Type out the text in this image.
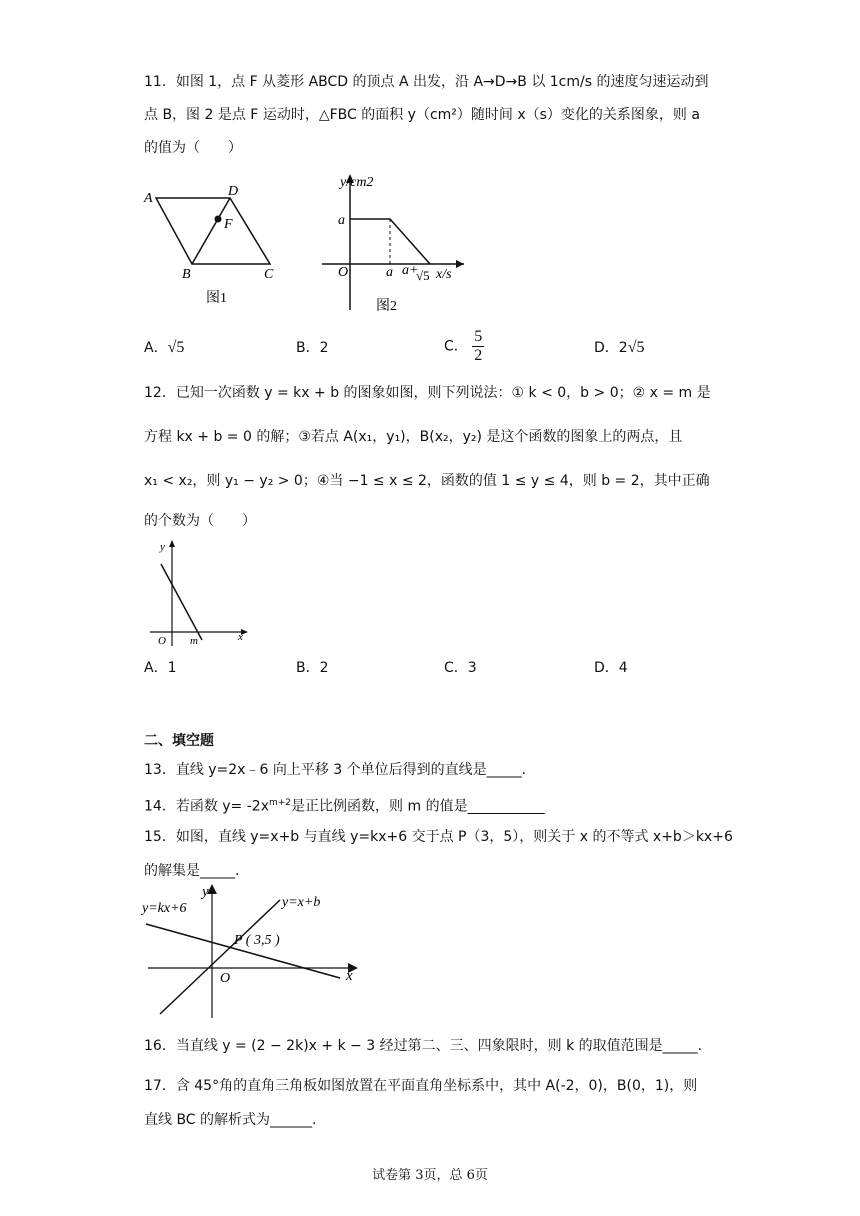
11．如图 1，点 F 从菱形 ABCD 的顶点 A 出发，沿 A→D→B 以 1cm/s 的速度匀速运动到
点 B，图 2 是点 F 运动时，△FBC 的面积 y（cm²）随时间 x（s）变化的关系图象，则 a
的值为（　　）
A	D
F
B	C
图1
y/cm2
a
O	a a+
√5 x/s
图2
A．√5	B．2	C． $\frac{5}{2}$	D．2√5
12．已知一次函数 y = kx + b 的图象如图，则下列说法：① k < 0，b > 0；② x = m 是
方程 kx + b = 0 的解；③若点 A(x₁，y₁)，B(x₂，y₂) 是这个函数的图象上的两点，且
x₁ < x₂，则 y₁ − y₂ > 0；④当 −1 ≤ x ≤ 2，函数的值 1 ≤ y ≤ 4，则 b = 2，其中正确
的个数为（　　）
y
O m	x
A．1	B．2	C．3	D．4
二、填空题
13．直线 y=2x﹣6 向上平移 3 个单位后得到的直线是_____.
14．若函数 $y= -2x^{m+2}$是正比例函数，则 m 的值是___________
15．如图，直线 y=x+b 与直线 y=kx+6 交于点 P（3，5），则关于 x 的不等式 x+b＞kx+6
的解集是_____.
y
y=kx+6	y=x+b
P ( 3,5 )
O	x
16．当直线 y = (2 − 2k)x + k − 3 经过第二、三、四象限时，则 k 的取值范围是_____.
17．含 45°角的直角三角板如图放置在平面直角坐标系中，其中 A(-2，0)，B(0，1)，则
直线 BC 的解析式为______.
试卷第 3页，总 6页
